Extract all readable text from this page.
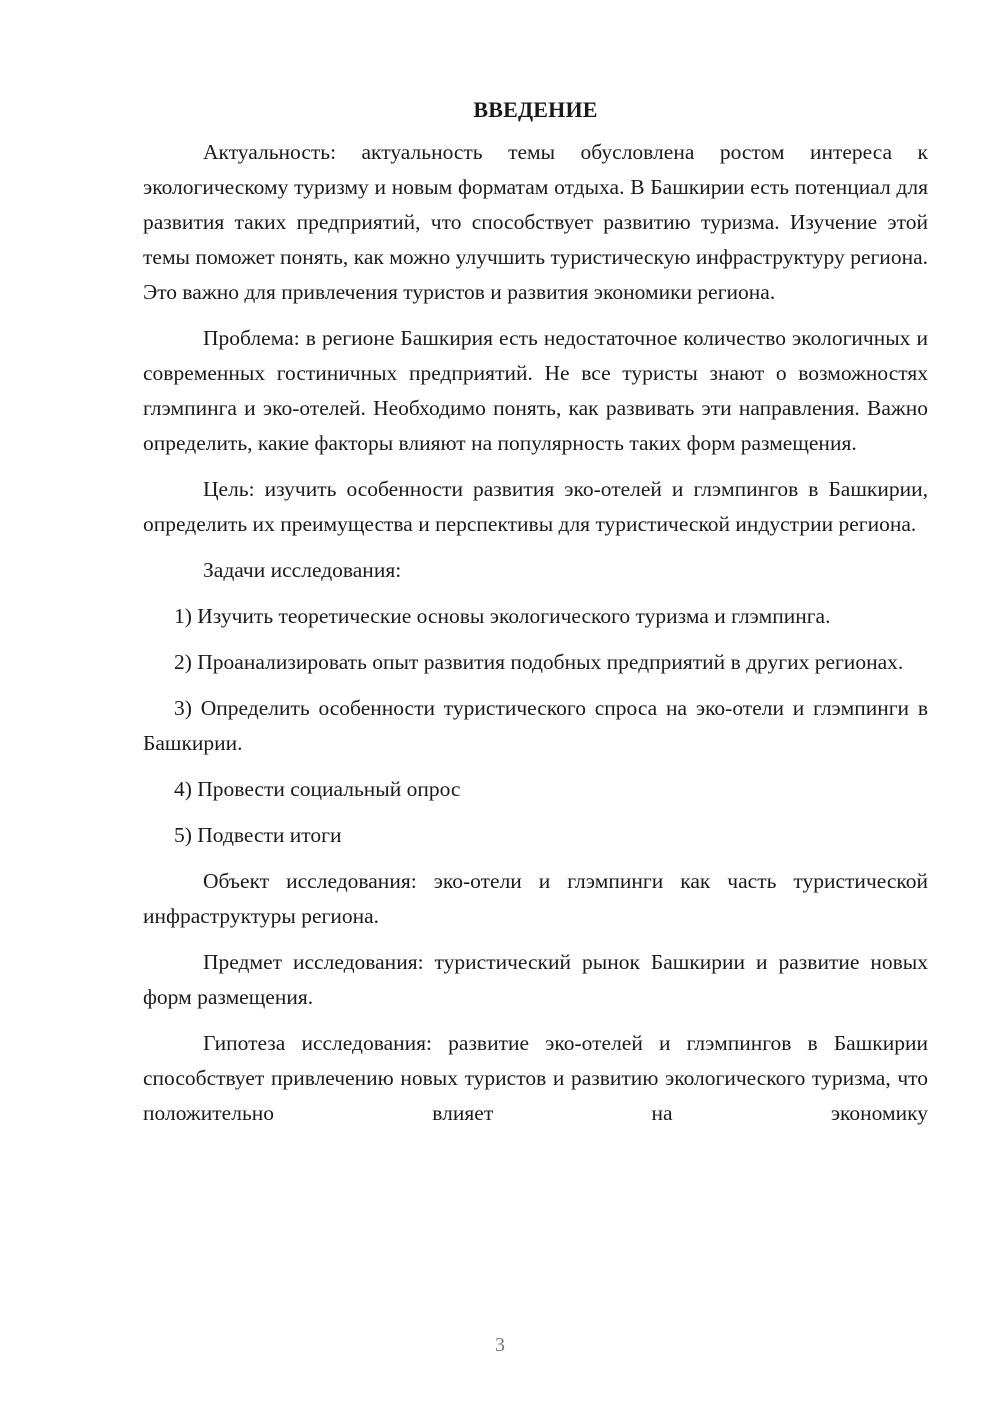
ВВЕДЕНИЕ

Актуальность: актуальность темы обусловлена ростом интереса к экологическому туризму и новым форматам отдыха. В Башкирии есть потенциал для развития таких предприятий, что способствует развитию туризма. Изучение этой темы поможет понять, как можно улучшить туристическую инфраструктуру региона. Это важно для привлечения туристов и развития экономики региона.

Проблема: в регионе Башкирия есть недостаточное количество экологичных и современных гостиничных предприятий. Не все туристы знают о возможностях глэмпинга и эко-отелей. Необходимо понять, как развивать эти направления. Важно определить, какие факторы влияют на популярность таких форм размещения.

Цель: изучить особенности развития эко-отелей и глэмпингов в Башкирии, определить их преимущества и перспективы для туристической индустрии региона.

Задачи исследования:

1) Изучить теоретические основы экологического туризма и глэмпинга.

2) Проанализировать опыт развития подобных предприятий в других регионах.

3) Определить особенности туристического спроса на эко-отели и глэмпинги в Башкирии.

4) Провести социальный опрос

5) Подвести итоги

Объект исследования: эко-отели и глэмпинги как часть туристической инфраструктуры региона.

Предмет исследования: туристический рынок Башкирии и развитие новых форм размещения.

Гипотеза исследования: развитие эко-отелей и глэмпингов в Башкирии способствует привлечению новых туристов и развитию экологического туризма, что положительно влияет на экономику

3
